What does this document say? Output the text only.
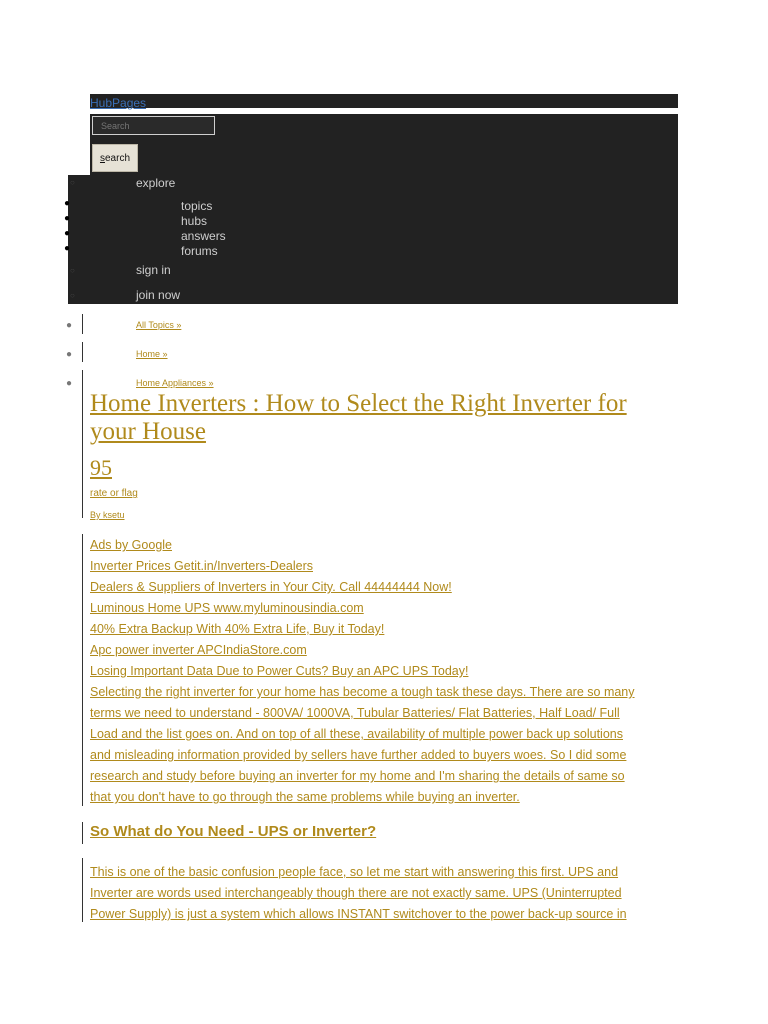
HubPages
Search
search
○	explore
●	topics
●	hubs
●	answers
●	forums
○	sign in
○	join now
●	All Topics »
●	Home »
●	Home Appliances »
Home Inverters : How to Select the Right Inverter for
your House
95
rate or flag
By ksetu
Ads by Google
Inverter Prices Getit.in/Inverters-Dealers
Dealers & Suppliers of Inverters in Your City. Call 44444444 Now!
Luminous Home UPS www.myluminousindia.com
40% Extra Backup With 40% Extra Life, Buy it Today!
Apc power inverter APCIndiaStore.com
Losing Important Data Due to Power Cuts? Buy an APC UPS Today!
Selecting the right inverter for your home has become a tough task these days. There are so many
terms we need to understand - 800VA/ 1000VA, Tubular Batteries/ Flat Batteries, Half Load/ Full
Load and the list goes on. And on top of all these, availability of multiple power back up solutions
and misleading information provided by sellers have further added to buyers woes. So I did some
research and study before buying an inverter for my home and I'm sharing the details of same so
that you don't have to go through the same problems while buying an inverter.
So What do You Need - UPS or Inverter?
This is one of the basic confusion people face, so let me start with answering this first. UPS and
Inverter are words used interchangeably though there are not exactly same. UPS (Uninterrupted
Power Supply) is just a system which allows INSTANT switchover to the power back-up source in
